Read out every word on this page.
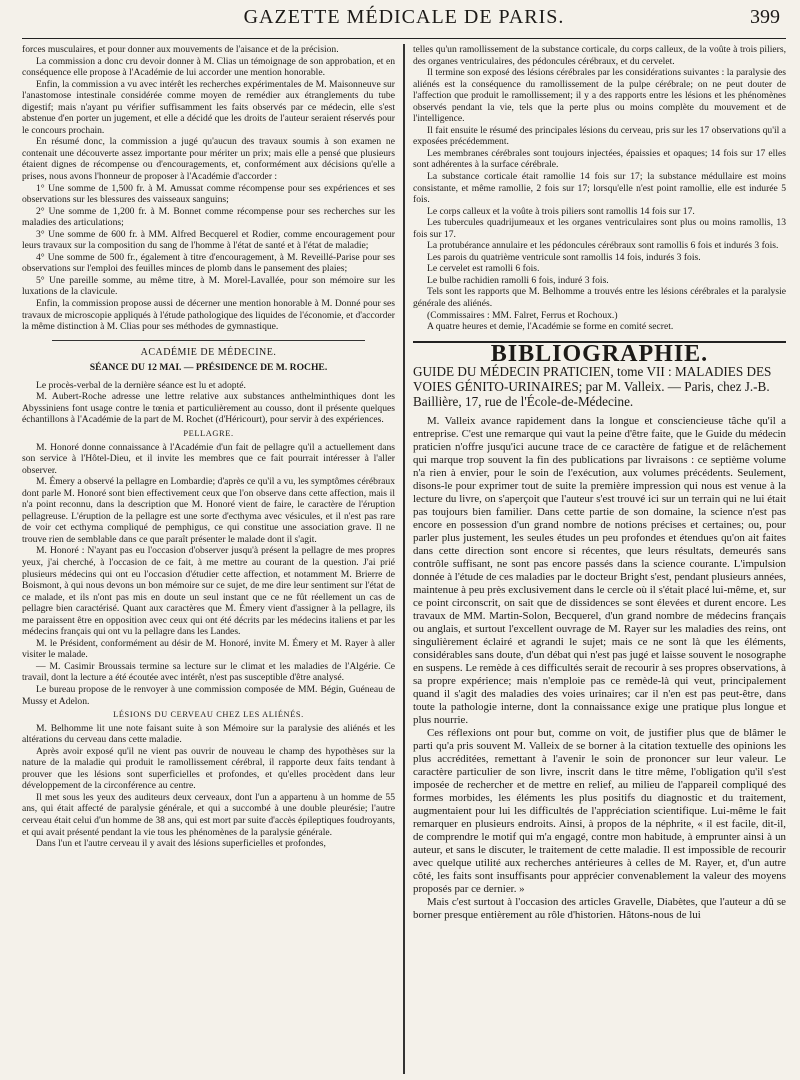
GAZETTE MÉDICALE DE PARIS.	399

forces musculaires, et pour donner aux mouvements de l'aisance et de la précision.

La commission a donc cru devoir donner à M. Clias un témoignage de son approbation, et en conséquence elle propose à l'Académie de lui accorder une mention honorable.

Enfin, la commission a vu avec intérêt les recherches expérimentales de M. Maisonneuve sur l'anastomose intestinale considérée comme moyen de remédier aux étranglements du tube digestif; mais n'ayant pu vérifier suffisamment les faits observés par ce médecin, elle s'est abstenue d'en porter un jugement, et elle a décidé que les droits de l'auteur seraient réservés pour le concours prochain.

En résumé donc, la commission a jugé qu'aucun des travaux soumis à son examen ne contenait une découverte assez importante pour mériter un prix; mais elle a pensé que plusieurs étaient dignes de récompense ou d'encouragements, et, conformément aux décisions qu'elle a prises, nous avons l'honneur de proposer à l'Académie d'accorder :

1° Une somme de 1,500 fr. à M. Amussat comme récompense pour ses expériences et ses observations sur les blessures des vaisseaux sanguins;

2° Une somme de 1,200 fr. à M. Bonnet comme récompense pour ses recherches sur les maladies des articulations;

3° Une somme de 600 fr. à MM. Alfred Becquerel et Rodier, comme encouragement pour leurs travaux sur la composition du sang de l'homme à l'état de santé et à l'état de maladie;

4° Une somme de 500 fr., également à titre d'encouragement, à M. Reveillé-Parise pour ses observations sur l'emploi des feuilles minces de plomb dans le pansement des plaies;

5° Une pareille somme, au même titre, à M. Morel-Lavallée, pour son mémoire sur les luxations de la clavicule.

Enfin, la commission propose aussi de décerner une mention honorable à M. Donné pour ses travaux de microscopie appliqués à l'étude pathologique des liquides de l'économie, et d'accorder la même distinction à M. Clias pour ses méthodes de gymnastique.

ACADÉMIE DE MÉDECINE.
SÉANCE DU 12 MAI. — PRÉSIDENCE DE M. ROCHE.

Le procès-verbal de la dernière séance est lu et adopté.

M. Aubert-Roche adresse une lettre relative aux substances anthelminthiques dont les Abyssiniens font usage contre le tœnia et particulièrement au cousso, dont il présente quelques échantillons à l'Académie de la part de M. Rochet (d'Héricourt), pour servir à des expériences.

PELLAGRE.

M. Honoré donne connaissance à l'Académie d'un fait de pellagre qu'il a actuellement dans son service à l'Hôtel-Dieu, et il invite les membres que ce fait pourrait intéresser à l'aller observer.

M. Émery a observé la pellagre en Lombardie; d'après ce qu'il a vu, les symptômes cérébraux dont parle M. Honoré sont bien effectivement ceux que l'on observe dans cette affection, mais il n'a point reconnu, dans la description que M. Honoré vient de faire, le caractère de l'éruption pellagreuse. L'éruption de la pellagre est une sorte d'ecthyma avec vésicules, et il n'est pas rare de voir cet ecthyma compliqué de pemphigus, ce qui constitue une association grave. Il ne trouve rien de semblable dans ce que paraît présenter le malade dont il s'agit.

M. Honoré : N'ayant pas eu l'occasion d'observer jusqu'à présent la pellagre de mes propres yeux, j'ai cherché, à l'occasion de ce fait, à me mettre au courant de la question. J'ai prié plusieurs médecins qui ont eu l'occasion d'étudier cette affection, et notamment M. Brierre de Boismont, à qui nous devons un bon mémoire sur ce sujet, de me dire leur sentiment sur l'état de ce malade, et ils n'ont pas mis en doute un seul instant que ce ne fût réellement un cas de pellagre bien caractérisé. Quant aux caractères que M. Émery vient d'assigner à la pellagre, ils me paraissent être en opposition avec ceux qui ont été décrits par les médecins italiens et par les médecins français qui ont vu la pellagre dans les Landes.

M. le Président, conformément au désir de M. Honoré, invite M. Émery et M. Rayer à aller visiter le malade.

— M. Casimir Broussais termine sa lecture sur le climat et les maladies de l'Algérie. Ce travail, dont la lecture a été écoutée avec intérêt, n'est pas susceptible d'être analysé.

Le bureau propose de le renvoyer à une commission composée de MM. Bégin, Guéneau de Mussy et Adelon.

LÉSIONS DU CERVEAU CHEZ LES ALIÉNÉS.

M. Belhomme lit une note faisant suite à son Mémoire sur la paralysie des aliénés et les altérations du cerveau dans cette maladie.

Après avoir exposé qu'il ne vient pas ouvrir de nouveau le champ des hypothèses sur la nature de la maladie qui produit le ramollissement cérébral, il rapporte deux faits tendant à prouver que les lésions sont superficielles et profondes, et qu'elles procèdent dans leur développement de la circonférence au centre.

Il met sous les yeux des auditeurs deux cerveaux, dont l'un a appartenu à un homme de 55 ans, qui était affecté de paralysie générale, et qui a succombé à une double pleurésie; l'autre cerveau était celui d'un homme de 38 ans, qui est mort par suite d'accès épileptiques foudroyants, et qui avait présenté pendant la vie tous les phénomènes de la paralysie générale.

Dans l'un et l'autre cerveau il y avait des lésions superficielles et profondes,

telles qu'un ramollissement de la substance corticale, du corps calleux, de la voûte à trois piliers, des organes ventriculaires, des pédoncules cérébraux, et du cervelet.

Il termine son exposé des lésions cérébrales par les considérations suivantes : la paralysie des aliénés est la conséquence du ramollissement de la pulpe cérébrale; on ne peut douter de l'affection que produit le ramollissement; il y a des rapports entre les lésions et les phénomènes observés pendant la vie, tels que la perte plus ou moins complète du mouvement et de l'intelligence.

Il fait ensuite le résumé des principales lésions du cerveau, pris sur les 17 observations qu'il a exposées précédemment.

Les membranes cérébrales sont toujours injectées, épaissies et opaques; 14 fois sur 17 elles sont adhérentes à la surface cérébrale.

La substance corticale était ramollie 14 fois sur 17; la substance médullaire est moins consistante, et même ramollie, 2 fois sur 17; lorsqu'elle n'est point ramollie, elle est indurée 5 fois.

Le corps calleux et la voûte à trois piliers sont ramollis 14 fois sur 17.

Les tubercules quadrijumeaux et les organes ventriculaires sont plus ou moins ramollis, 13 fois sur 17.

La protubérance annulaire et les pédoncules cérébraux sont ramollis 6 fois et indurés 3 fois.

Les parois du quatrième ventricule sont ramollis 14 fois, indurés 3 fois.

Le cervelet est ramolli 6 fois.

Le bulbe rachidien ramolli 6 fois, induré 3 fois.

Tels sont les rapports que M. Belhomme a trouvés entre les lésions cérébrales et la paralysie générale des aliénés.

(Commissaires : MM. Falret, Ferrus et Rochoux.)

A quatre heures et demie, l'Académie se forme en comité secret.

BIBLIOGRAPHIE.
GUIDE DU MÉDECIN PRATICIEN, tome VII : MALADIES DES VOIES GÉNITO-URINAIRES; par M. Valleix. — Paris, chez J.-B. Baillière, 17, rue de l'École-de-Médecine.

M. Valleix avance rapidement dans la longue et consciencieuse tâche qu'il a entreprise. C'est une remarque qui vaut la peine d'être faite, que le Guide du médecin praticien n'offre jusqu'ici aucune trace de ce caractère de fatigue et de relâchement qui marque trop souvent la fin des publications par livraisons : ce septième volume n'a rien à envier, pour le soin de l'exécution, aux volumes précédents. Seulement, disons-le pour exprimer tout de suite la première impression qui nous est venue à la lecture du livre, on s'aperçoit que l'auteur s'est trouvé ici sur un terrain qui ne lui était pas toujours bien familier. Dans cette partie de son domaine, la science n'est pas encore en possession d'un grand nombre de notions précises et certaines; ou, pour parler plus justement, les seules études un peu profondes et étendues qu'on ait faites dans cette direction sont encore si récentes, que leurs résultats, demeurés sans contrôle suffisant, ne sont pas encore passés dans la science courante. L'impulsion donnée à l'étude de ces maladies par le docteur Bright s'est, pendant plusieurs années, maintenue à peu près exclusivement dans le cercle où il s'était placé lui-même, et, sur ce point circonscrit, on sait que de dissidences se sont élevées et durent encore. Les travaux de MM. Martin-Solon, Becquerel, d'un grand nombre de médecins français ou anglais, et surtout l'excellent ouvrage de M. Rayer sur les maladies des reins, ont singulièrement éclairé et agrandi le sujet; mais ce ne sont là que les éléments, considérables sans doute, d'un débat qui n'est pas jugé et laisse souvent le nosographe en suspens. Le remède à ces difficultés serait de recourir à ses propres observations, à sa propre expérience; mais n'emploie pas ce remède-là qui veut, principalement quand il s'agit des maladies des voies urinaires; car il n'en est pas peut-être, dans toute la pathologie interne, dont la connaissance exige une pratique plus longue et plus nourrie.

Ces réflexions ont pour but, comme on voit, de justifier plus que de blâmer le parti qu'a pris souvent M. Valleix de se borner à la citation textuelle des opinions les plus accréditées, remettant à l'avenir le soin de prononcer sur leur valeur. Le caractère particulier de son livre, inscrit dans le titre même, l'obligation qu'il s'est imposée de rechercher et de mettre en relief, au milieu de l'appareil compliqué des formes morbides, les éléments les plus positifs du diagnostic et du traitement, augmentaient pour lui les difficultés de l'appréciation scientifique. Lui-même le fait remarquer en plusieurs endroits. Ainsi, à propos de la néphrite, « il est facile, dit-il, de comprendre le motif qui m'a engagé, contre mon habitude, à emprunter ainsi à un auteur, et sans le discuter, le traitement de cette maladie. Il est impossible de recourir avec quelque utilité aux recherches antérieures à celles de M. Rayer, et, d'un autre côté, les faits sont insuffisants pour apprécier convenablement la valeur des moyens proposés par ce dernier. »

Mais c'est surtout à l'occasion des articles Gravelle, Diabètes, que l'auteur a dû se borner presque entièrement au rôle d'historien. Hâtons-nous de lui
